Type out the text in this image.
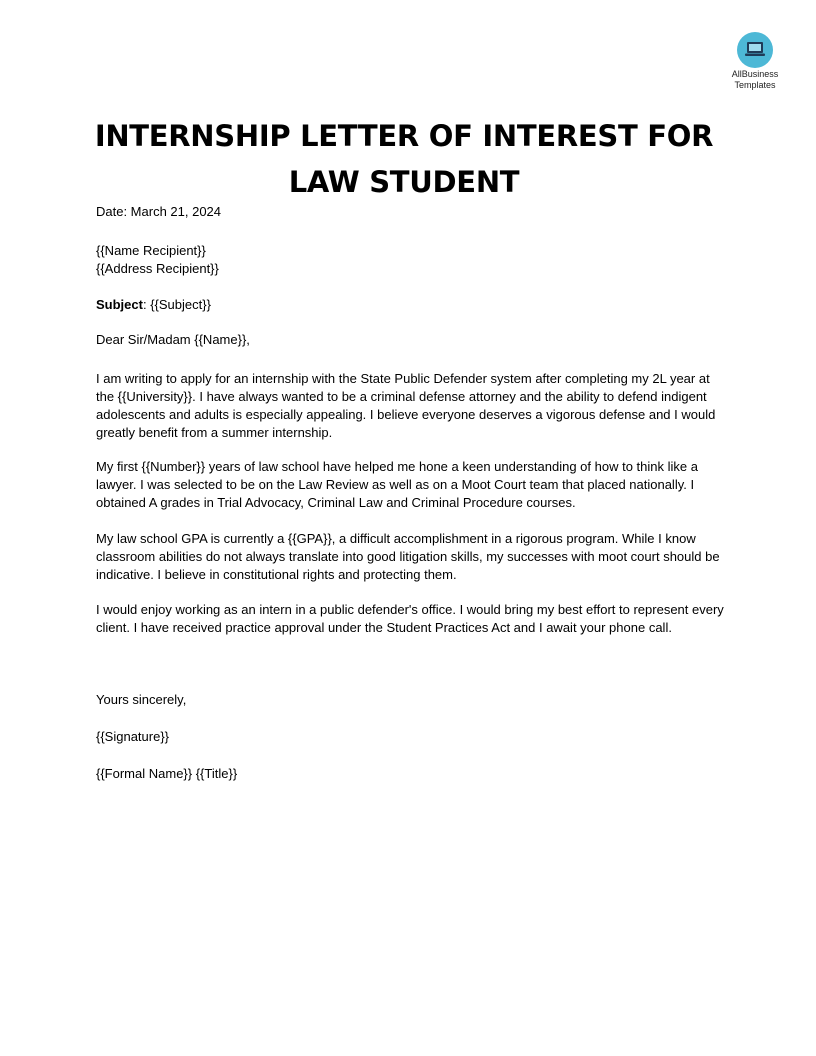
AllBusiness
Templates
INTERNSHIP LETTER OF INTEREST FOR LAW STUDENT

Date: March 21, 2024

{{Name Recipient}}

{{Address Recipient}}

Subject: {{Subject}}

Dear Sir/Madam {{Name}},

I am writing to apply for an internship with the State Public Defender system after completing my 2L year at the {{University}}. I have always wanted to be a criminal defense attorney and the ability to defend indigent adolescents and adults is especially appealing. I believe everyone deserves a vigorous defense and I would greatly benefit from a summer internship.

My first {{Number}} years of law school have helped me hone a keen understanding of how to think like a lawyer. I was selected to be on the Law Review as well as on a Moot Court team that placed nationally. I obtained A grades in Trial Advocacy, Criminal Law and Criminal Procedure courses.

My law school GPA is currently a {{GPA}}, a difficult accomplishment in a rigorous program. While I know classroom abilities do not always translate into good litigation skills, my successes with moot court should be indicative. I believe in constitutional rights and protecting them.

I would enjoy working as an intern in a public defender's office. I would bring my best effort to represent every client. I have received practice approval under the Student Practices Act and I await your phone call.

Yours sincerely,

{{Signature}}

{{Formal Name}} {{Title}}
